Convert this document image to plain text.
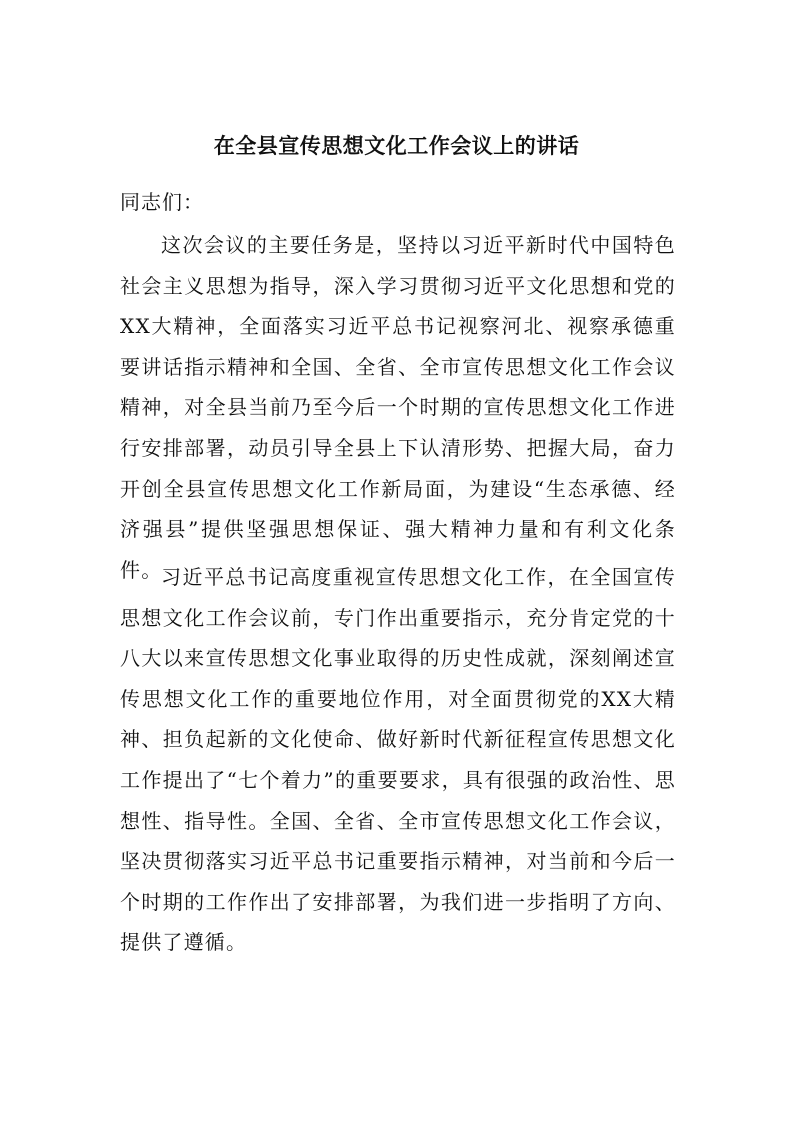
在全县宣传思想文化工作会议上的讲话
同志们：

这次会议的主要任务是，坚持以习近平新时代中国特色社会主义思想为指导，深入学习贯彻习近平文化思想和党的XX大精神，全面落实习近平总书记视察河北、视察承德重要讲话指示精神和全国、全省、全市宣传思想文化工作会议精神，对全县当前乃至今后一个时期的宣传思想文化工作进行安排部署，动员引导全县上下认清形势、把握大局，奋力开创全县宣传思想文化工作新局面，为建设“生态承德、经济强县”提供坚强思想保证、强大精神力量和有利文化条件。

习近平总书记高度重视宣传思想文化工作，在全国宣传思想文化工作会议前，专门作出重要指示，充分肯定党的十八大以来宣传思想文化事业取得的历史性成就，深刻阐述宣传思想文化工作的重要地位作用，对全面贯彻党的XX大精神、担负起新的文化使命、做好新时代新征程宣传思想文化工作提出了“七个着力”的重要要求，具有很强的政治性、思想性、指导性。全国、全省、全市宣传思想文化工作会议，坚决贯彻落实习近平总书记重要指示精神，对当前和今后一个时期的工作作出了安排部署，为我们进一步指明了方向、提供了遵循。
